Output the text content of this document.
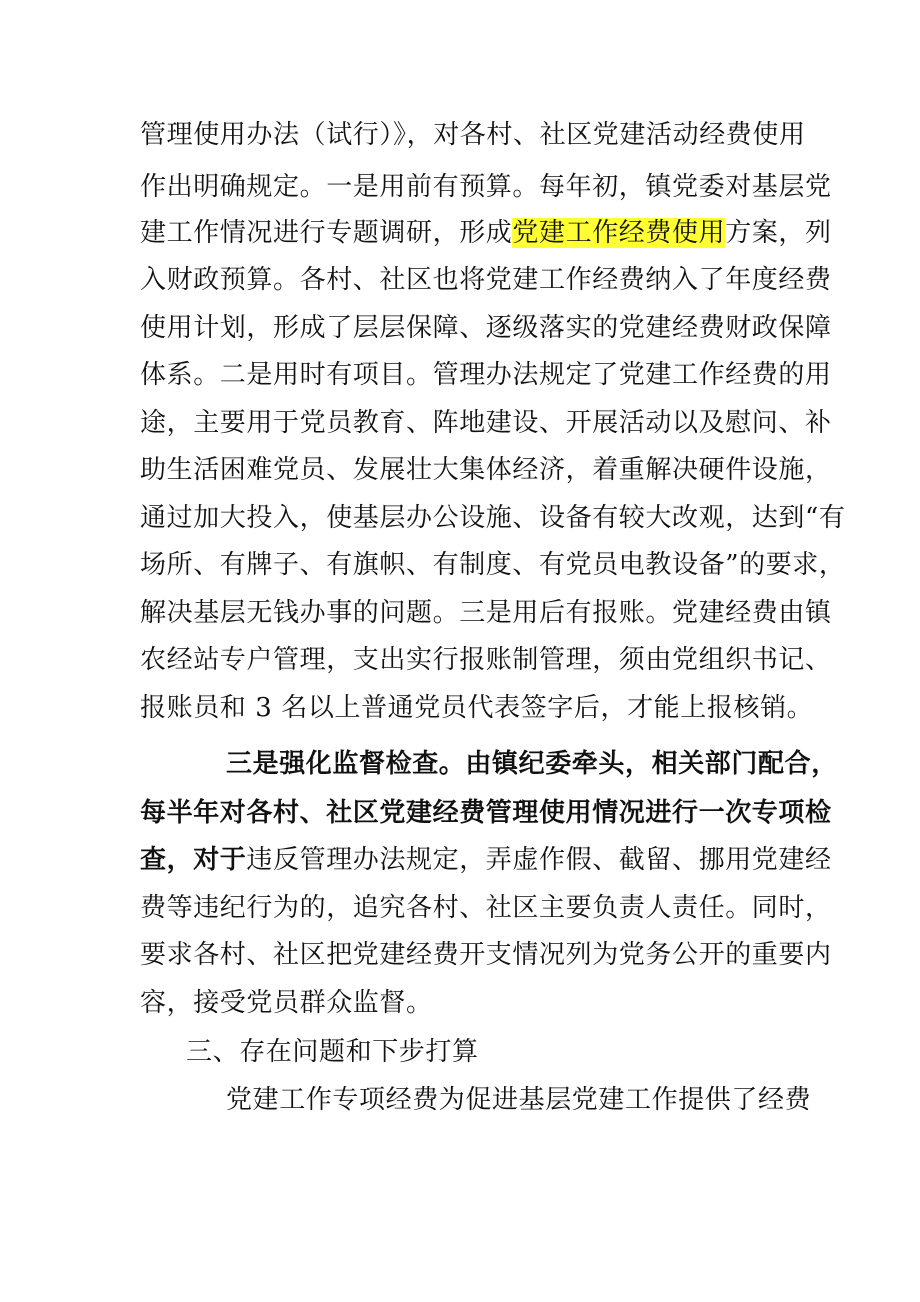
管理使用办法（试行）》，对各村、社区党建活动经费使用
作出明确规定。一是用前有预算。每年初，镇党委对基层党
建工作情况进行专题调研，形成党建工作经费使用方案，列
入财政预算。各村、社区也将党建工作经费纳入了年度经费
使用计划，形成了层层保障、逐级落实的党建经费财政保障
体系。二是用时有项目。管理办法规定了党建工作经费的用
途，主要用于党员教育、阵地建设、开展活动以及慰问、补
助生活困难党员、发展壮大集体经济，着重解决硬件设施，
通过加大投入，使基层办公设施、设备有较大改观，达到“有
场所、有牌子、有旗帜、有制度、有党员电教设备”的要求，
解决基层无钱办事的问题。三是用后有报账。党建经费由镇
农经站专户管理，支出实行报账制管理，须由党组织书记、
报账员和 3 名以上普通党员代表签字后，才能上报核销。
三是强化监督检查。由镇纪委牵头，相关部门配合，
每半年对各村、社区党建经费管理使用情况进行一次专项检
查，对于违反管理办法规定，弄虚作假、截留、挪用党建经
费等违纪行为的，追究各村、社区主要负责人责任。同时，
要求各村、社区把党建经费开支情况列为党务公开的重要内
容，接受党员群众监督。
三、存在问题和下步打算
党建工作专项经费为促进基层党建工作提供了经费
